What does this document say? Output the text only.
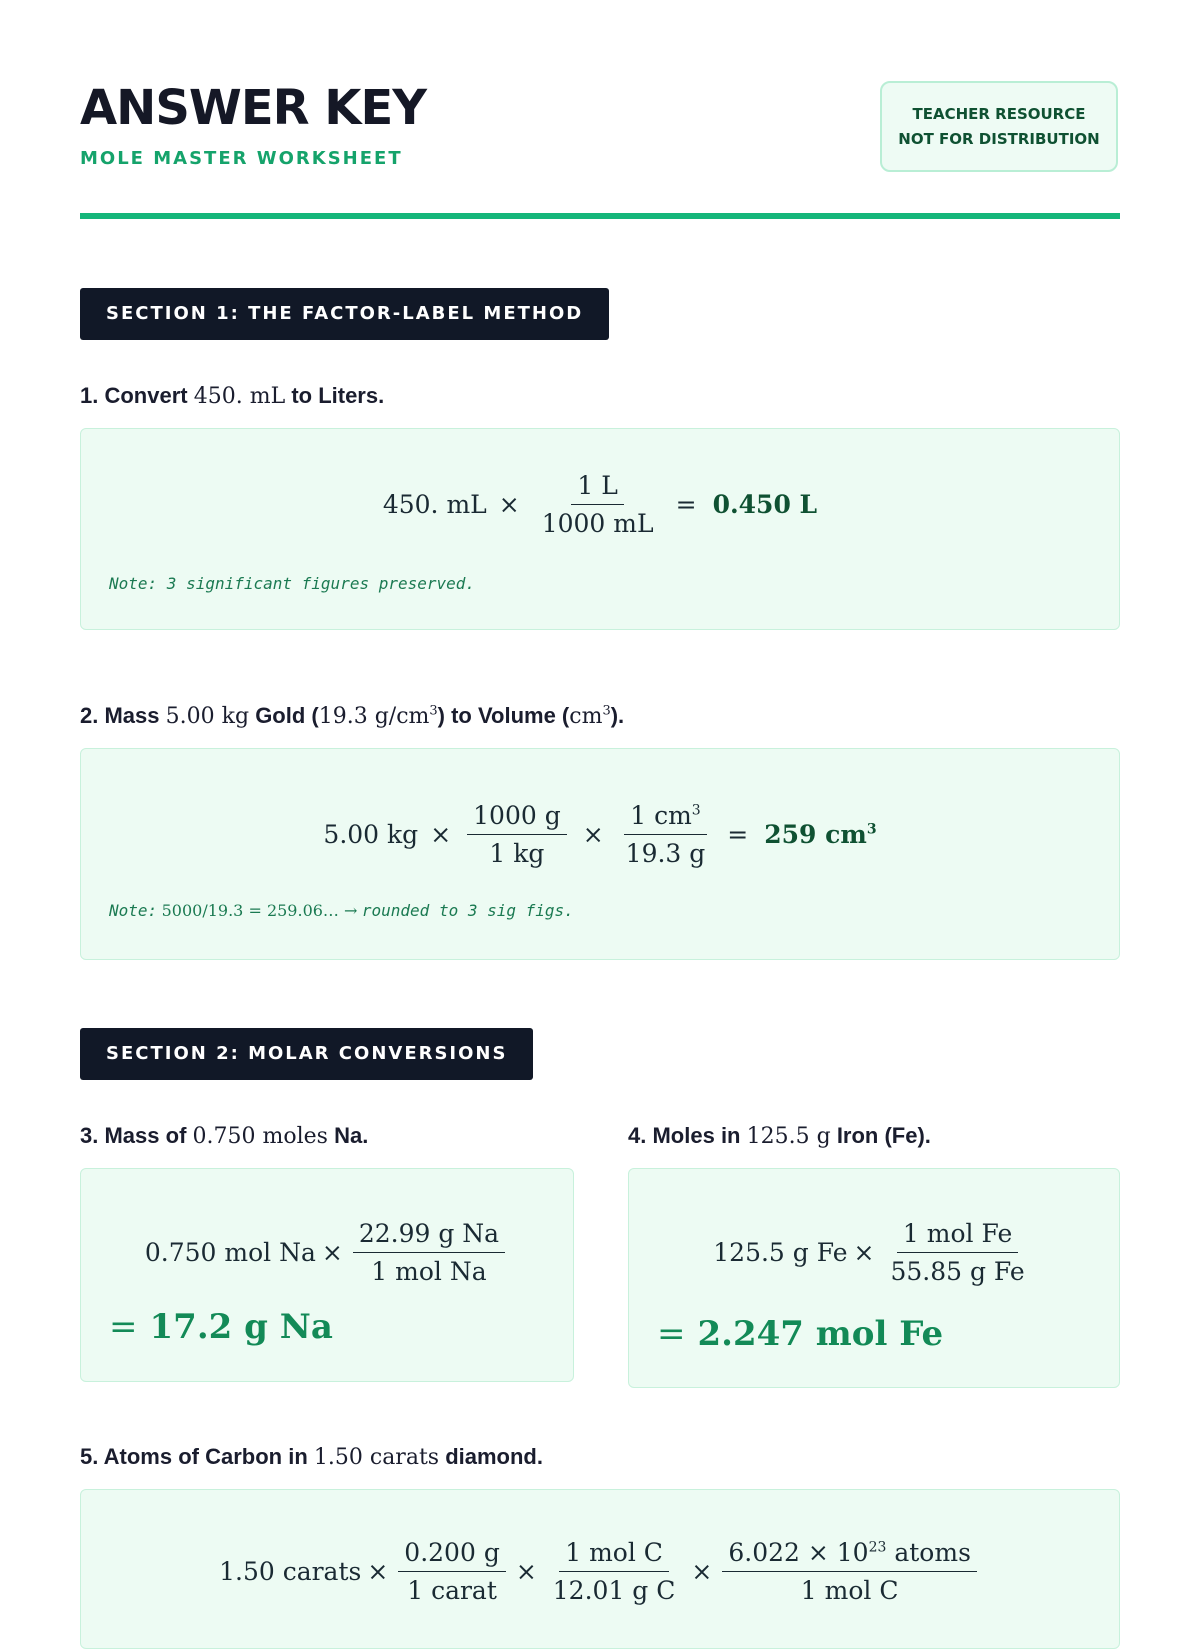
ANSWER KEY
MOLE MASTER WORKSHEET
TEACHER RESOURCE
NOT FOR DISTRIBUTION
SECTION 1: THE FACTOR-LABEL METHOD
1. Convert 450. mL to Liters.
450. mL × $\frac{1 L}{1000 mL} = 0.450$ L
Note: 3 significant figures preserved.
2. Mass 5.00 kg Gold (19.3 $g/cm^3$) to Volume $(cm^3)$.
5.00 kg × $\frac{1000 g}{1 kg} \times \frac{1 cm^3}{19.3 g} = 259$ $cm^3$
Note: 5000/19.3 = 259.06… → rounded to 3 sig figs.
SECTION 2: MOLAR CONVERSIONS
3. Mass of 0.750 moles Na.
0.750 mol $Na \times \frac{\text{22.99 g Na}}{\text{1 mol Na}}$
= 17.2 g Na
4. Moles in 125.5 g Iron (Fe).
125.5 g $Fe \times \frac{\text{1 mol Fe}}{\text{55.85 g Fe}}$
= 2.247 mol Fe
5. Atoms of Carbon in 1.50 carats diamond.
1.50 carats × $\frac{0.200 g}{\text{1 carat}} \times \frac{\text{1 mol C}}{\text{12.01 g C}} \times \frac{6.022 \times 10^{23} atoms}{\text{1 mol C}}$
